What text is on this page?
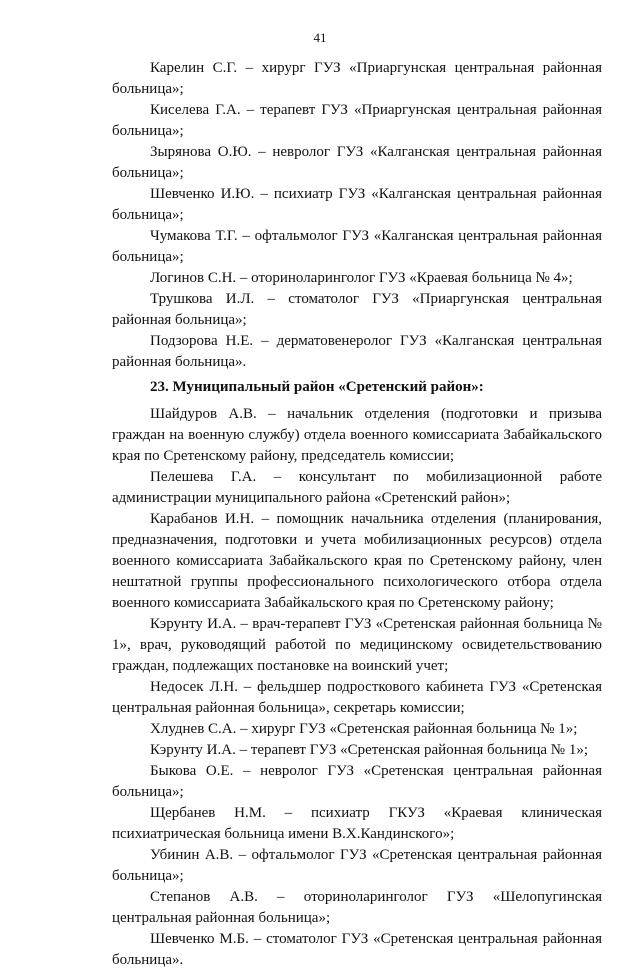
41

Карелин С.Г. – хирург ГУЗ «Приаргунская центральная районная больница»;

Киселева Г.А. – терапевт ГУЗ «Приаргунская центральная районная больница»;

Зырянова О.Ю. – невролог ГУЗ «Калганская центральная районная больница»;

Шевченко И.Ю. – психиатр ГУЗ «Калганская центральная районная больница»;

Чумакова Т.Г. – офтальмолог ГУЗ «Калганская центральная районная больница»;

Логинов С.Н. – оториноларинголог ГУЗ «Краевая больница № 4»;

Трушкова И.Л. – стоматолог ГУЗ «Приаргунская центральная районная больница»;

Подзорова Н.Е. – дерматовенеролог ГУЗ «Калганская центральная районная больница».

23. Муниципальный район «Сретенский район»:

Шайдуров А.В. – начальник отделения (подготовки и призыва граждан на военную службу) отдела военного комиссариата Забайкальского края по Сретенскому району, председатель комиссии;

Пелешева Г.А. – консультант по мобилизационной работе администрации муниципального района «Сретенский район»;

Карабанов И.Н. – помощник начальника отделения (планирования, предназначения, подготовки и учета мобилизационных ресурсов) отдела военного комиссариата Забайкальского края по Сретенскому району, член нештатной группы профессионального психологического отбора отдела военного комиссариата Забайкальского края по Сретенскому району;

Кэрунту И.А. – врач-терапевт ГУЗ «Сретенская районная больница № 1», врач, руководящий работой по медицинскому освидетельствованию граждан, подлежащих постановке на воинский учет;

Недосек Л.Н. – фельдшер подросткового кабинета ГУЗ «Сретенская центральная районная больница», секретарь комиссии;

Хлуднев С.А. – хирург ГУЗ «Сретенская районная больница № 1»;

Кэрунту И.А. – терапевт ГУЗ «Сретенская районная больница № 1»;

Быкова О.Е. – невролог ГУЗ «Сретенская центральная районная больница»;

Щербанев Н.М. – психиатр ГКУЗ «Краевая клиническая психиатрическая больница имени В.Х.Кандинского»;

Убинин А.В. – офтальмолог ГУЗ «Сретенская центральная районная больница»;

Степанов А.В. – оториноларинголог ГУЗ «Шелопугинская центральная районная больница»;

Шевченко М.Б. – стоматолог ГУЗ «Сретенская центральная районная больница».
